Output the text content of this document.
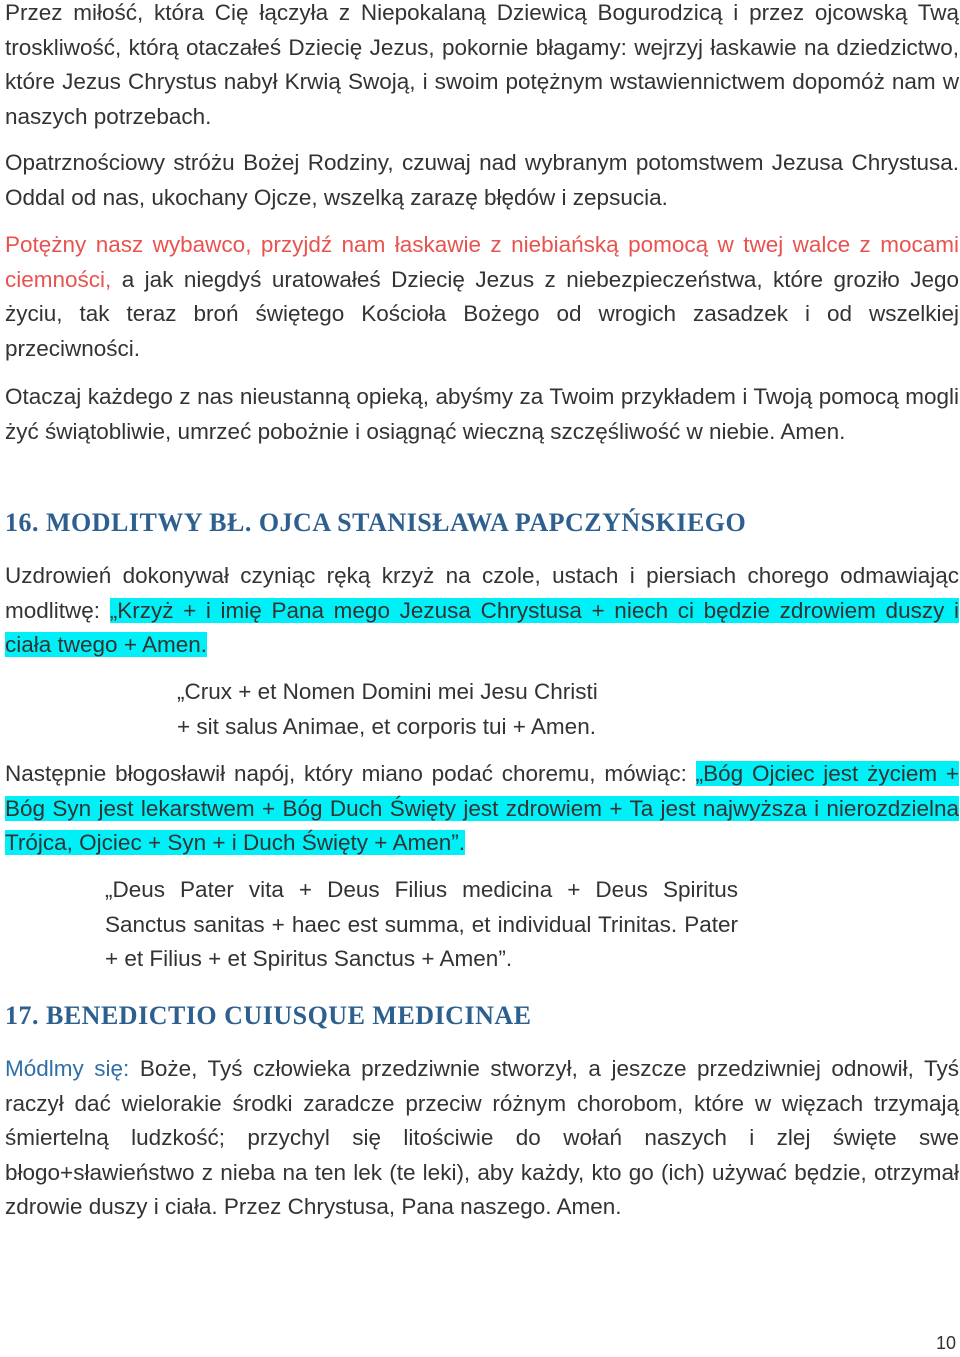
Przez miłość, która Cię łączyła z Niepokalaną Dziewicą Bogurodzicą i przez ojcowską Twą troskliwość, którą otaczałeś Dziecię Jezus, pokornie błagamy: wejrzyj łaskawie na dziedzictwo, które Jezus Chrystus nabył Krwią Swoją, i swoim potężnym wstawiennictwem dopomóż nam w naszych potrzebach.

Opatrznościowy stróżu Bożej Rodziny, czuwaj nad wybranym potomstwem Jezusa Chrystusa. Oddal od nas, ukochany Ojcze, wszelką zarazę błędów i zepsucia.

Potężny nasz wybawco, przyjdź nam łaskawie z niebiańską pomocą w twej walce z mocami ciemności, a jak niegdyś uratowałeś Dziecię Jezus z niebezpieczeństwa, które groziło Jego życiu, tak teraz broń świętego Kościoła Bożego od wrogich zasadzek i od wszelkiej przeciwności.

Otaczaj każdego z nas nieustanną opieką, abyśmy za Twoim przykładem i Twoją pomocą mogli żyć świątobliwie, umrzeć pobożnie i osiągnąć wieczną szczęśliwość w niebie. Amen.

16. MODLITWY BŁ. OJCA STANISŁAWA PAPCZYŃSKIEGO

Uzdrowień dokonywał czyniąc ręką krzyż na czole, ustach i piersiach chorego odmawiając modlitwę: „Krzyż + i imię Pana mego Jezusa Chrystusa + niech ci będzie zdrowiem duszy i ciała twego + Amen.

„Crux + et Nomen Domini mei Jesu Christi
+ sit salus Animae, et corporis tui + Amen.

Następnie błogosławił napój, który miano podać choremu, mówiąc: „Bóg Ojciec jest życiem + Bóg Syn jest lekarstwem + Bóg Duch Święty jest zdrowiem + Ta jest najwyższa i nierozdzielna Trójca, Ojciec + Syn + i Duch Święty + Amen”.

„Deus Pater vita + Deus Filius medicina + Deus Spiritus Sanctus sanitas + haec est summa, et individual Trinitas. Pater + et Filius + et Spiritus Sanctus + Amen”.

17. BENEDICTIO CUIUSQUE MEDICINAE

Módlmy się: Boże, Tyś człowieka przedziwnie stworzył, a jeszcze przedziwniej odnowił, Tyś raczył dać wielorakie środki zaradcze przeciw różnym chorobom, które w więzach trzymają śmiertelną ludzkość; przychyl się litościwie do wołań naszych i zlej święte swe błogo+sławieństwo z nieba na ten lek (te leki), aby każdy, kto go (ich) używać będzie, otrzymał zdrowie duszy i ciała. Przez Chrystusa, Pana naszego. Amen.

10
